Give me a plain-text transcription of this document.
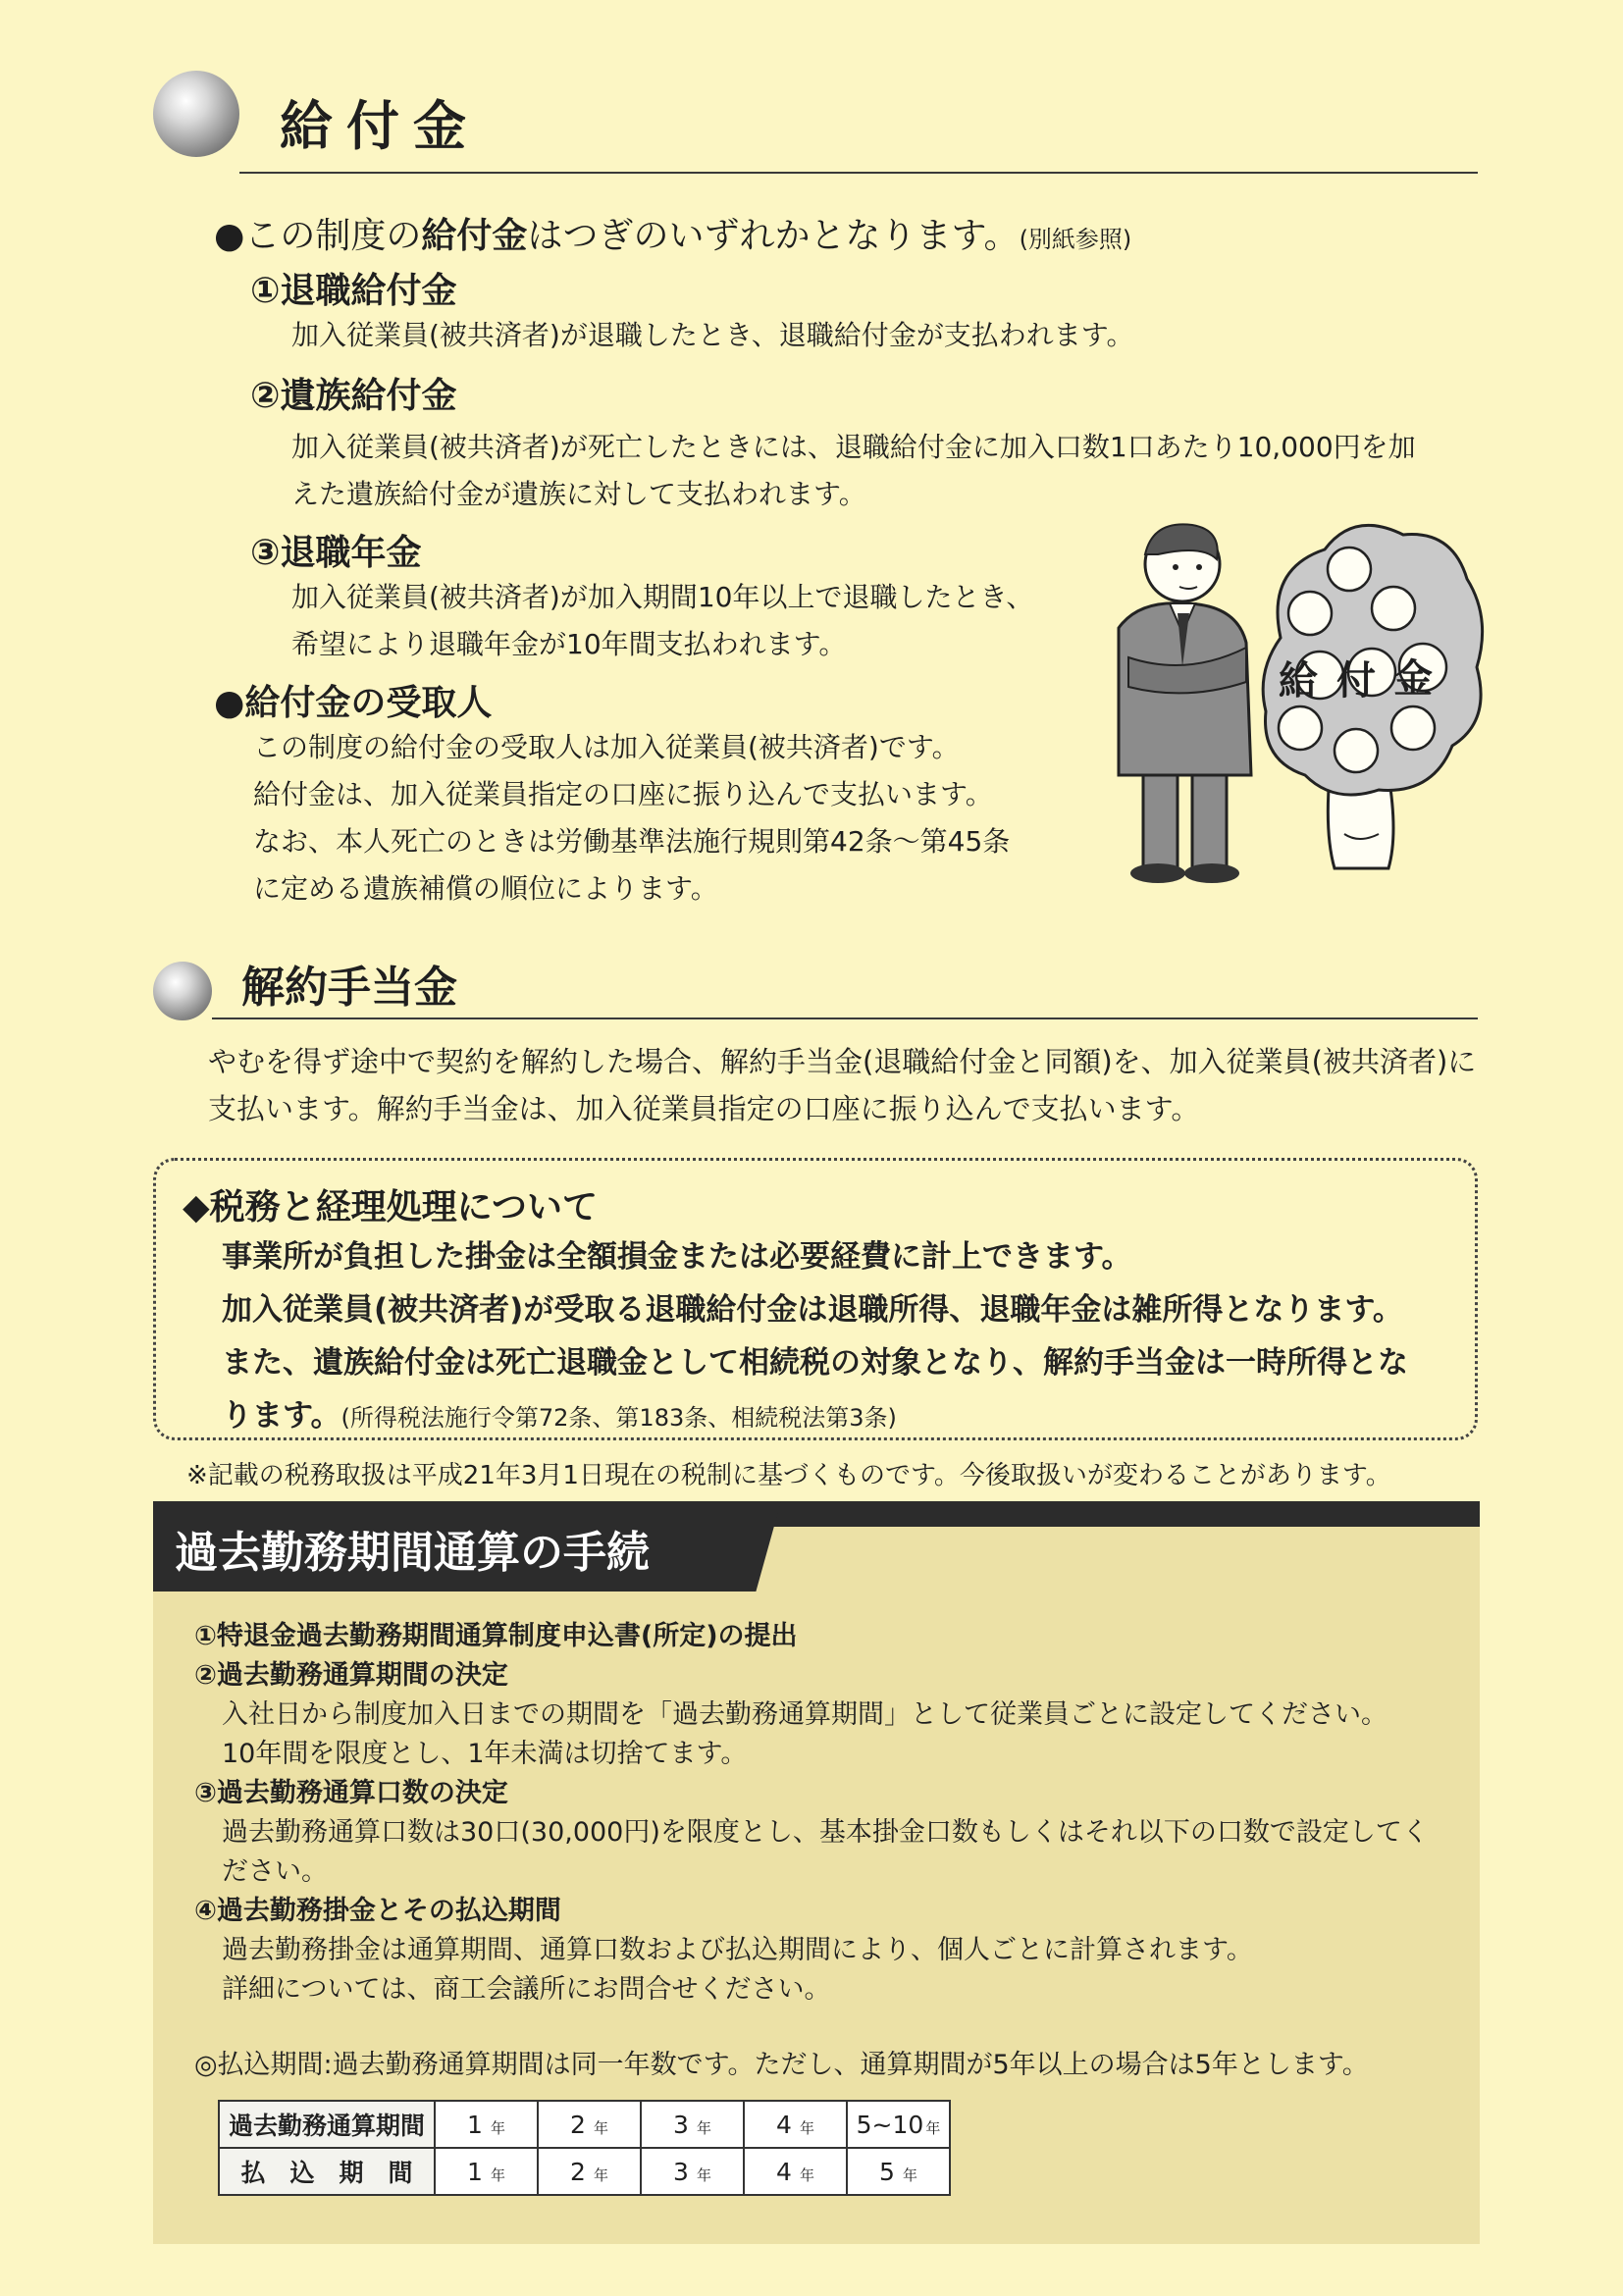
給付金
●この制度の給付金はつぎのいずれかとなります。(別紙参照)
①退職給付金
加入従業員(被共済者)が退職したとき、退職給付金が支払われます。
②遺族給付金
加入従業員(被共済者)が死亡したときには、退職給付金に加入口数1口あたり10,000円を加
えた遺族給付金が遺族に対して支払われます。
③退職年金
加入従業員(被共済者)が加入期間10年以上で退職したとき、
希望により退職年金が10年間支払われます。
●給付金の受取人
この制度の給付金の受取人は加入従業員(被共済者)です。
給付金は、加入従業員指定の口座に振り込んで支払います。
なお、本人死亡のときは労働基準法施行規則第42条〜第45条
に定める遺族補償の順位によります。
給 付 金
解約手当金
やむを得ず途中で契約を解約した場合、解約手当金(退職給付金と同額)を、加入従業員(被共済者)に
支払います。解約手当金は、加入従業員指定の口座に振り込んで支払います。
◆税務と経理処理について
事業所が負担した掛金は全額損金または必要経費に計上できます。
加入従業員(被共済者)が受取る退職給付金は退職所得、退職年金は雑所得となります。
また、遺族給付金は死亡退職金として相続税の対象となり、解約手当金は一時所得とな
ります。(所得税法施行令第72条、第183条、相続税法第3条)
※記載の税務取扱は平成21年3月1日現在の税制に基づくものです。今後取扱いが変わることがあります。
過去勤務期間通算の手続
①特退金過去勤務期間通算制度申込書(所定)の提出
②過去勤務通算期間の決定
入社日から制度加入日までの期間を「過去勤務通算期間」として従業員ごとに設定してください。
10年間を限度とし、1年未満は切捨てます。
③過去勤務通算口数の決定
過去勤務通算口数は30口(30,000円)を限度とし、基本掛金口数もしくはそれ以下の口数で設定してく
ださい。
④過去勤務掛金とその払込期間
過去勤務掛金は通算期間、通算口数および払込期間により、個人ごとに計算されます。
詳細については、商工会議所にお問合せください。
◎払込期間:過去勤務通算期間は同一年数です。ただし、通算期間が5年以上の場合は5年とします。
過去勤務通算期間	1 年	2 年	3 年	4 年	5~10 年
払　込　期　間	1 年	2 年	3 年	4 年	5 年
